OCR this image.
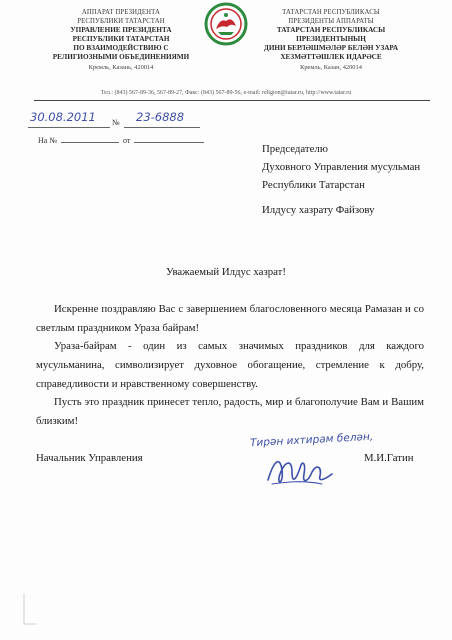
АППАРАТ ПРЕЗИДЕНТА
РЕСПУБЛИКИ ТАТАРСТАН
УПРАВЛЕНИЕ ПРЕЗИДЕНТА
РЕСПУБЛИКИ ТАТАРСТАН
ПО ВЗАИМОДЕЙСТВИЮ С
РЕЛИГИОЗНЫМИ ОБЪЕДИНЕНИЯМИ
Кремль, Казань, 420014
ТАТАРСТАН РЕСПУБЛИКАСЫ
ПРЕЗИДЕНТЫ АППАРАТЫ
ТАТАРСТАН РЕСПУБЛИКАСЫ
ПРЕЗИДЕНТЫНЫҢ
ДИНИ БЕРЛӘШМӘЛӘР БЕЛӘН УЗАРА
ХЕЗМӘТТӘШЛЕК ИДАРӘСЕ
Кремль, Казан, 420014
Тел.: (843) 567-89-36, 567-89-27, Факс: (843) 567-89-56, e-mail: religion@tatar.ru, http://www.tatar.ru
30.08.2011 № 23-6888
На №	от
Председателю
Духовного Управления мусульман
Республики Татарстан
Илдусу хазрату Файзову
Уважаемый Илдус хазрат!
Искренне поздравляю Вас с завершением благословенного месяца Рамазан и со светлым праздником Ураза байрам!
Ураза-байрам - один из самых значимых праздников для каждого мусульманина, символизирует духовное обогащение, стремление к добру, справедливости и нравственному совершенству.
Пусть это праздник принесет тепло, радость, мир и благополучие Вам и Вашим близким!
Тирән ихтирам белән,
Начальник Управления	М.И.Гатин
